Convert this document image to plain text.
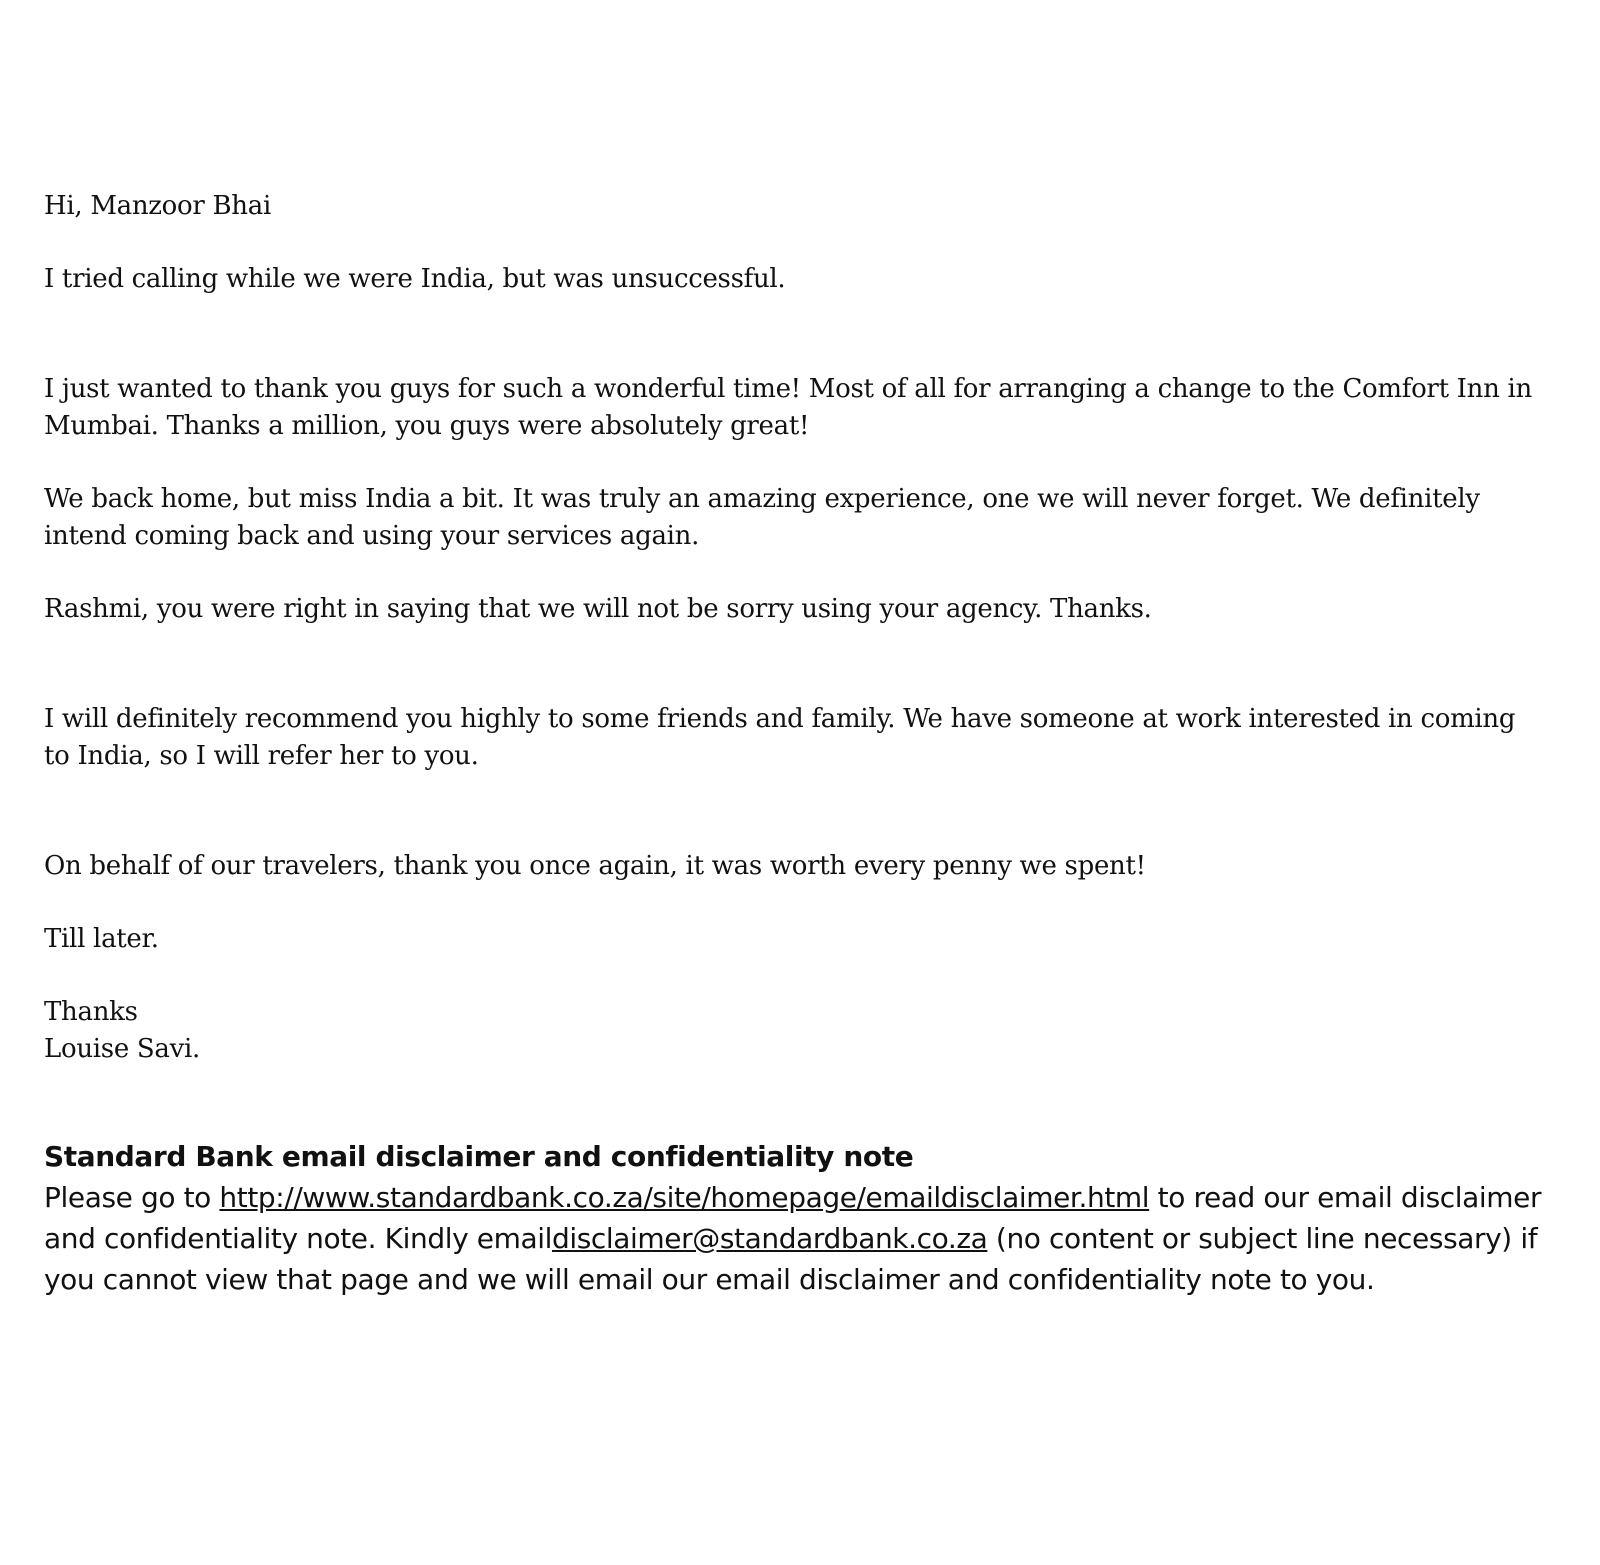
Hi, Manzoor Bhai

I tried calling while we were India, but was unsuccessful.

I just wanted to thank you guys for such a wonderful time! Most of all for arranging a change to the Comfort Inn in Mumbai. Thanks a million, you guys were absolutely great!

We back home, but miss India a bit. It was truly an amazing experience, one we will never forget. We definitely intend coming back and using your services again.

Rashmi, you were right in saying that we will not be sorry using your agency. Thanks.

I will definitely recommend you highly to some friends and family. We have someone at work interested in coming to India, so I will refer her to you.

On behalf of our travelers, thank you once again, it was worth every penny we spent!

Till later.

Thanks

Louise Savi.

Standard Bank email disclaimer and confidentiality note

Please go to http://www.standardbank.co.za/site/homepage/emaildisclaimer.html to read our email disclaimer and confidentiality note. Kindly emaildisclaimer@standardbank.co.za (no content or subject line necessary) if you cannot view that page and we will email our email disclaimer and confidentiality note to you.
